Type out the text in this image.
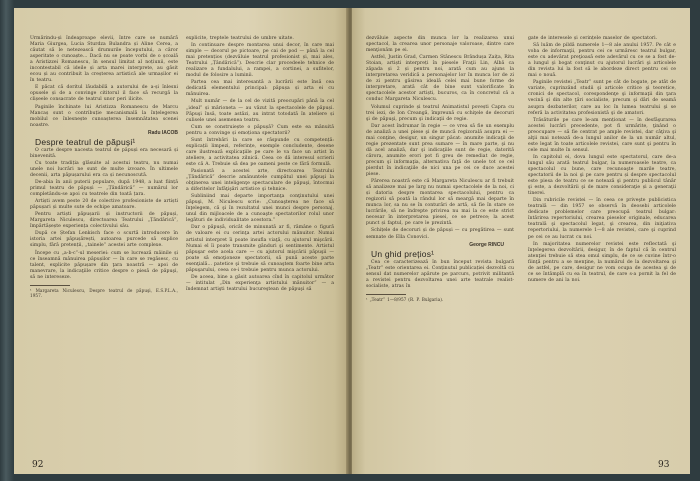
Urmărindu-și îndeaproape elevii, între care se numără Maria Giurgea, Lucia Sturdza Bulandra și Aline Cerea, a căutat să le netezească drumurile începutului, a căror asperitate o cunoaște... Dacă nu se poate vorbi de o școală a Aristizzei Romanescu, în sensul limitat al noțiunii, este incontestabil că ideile și arta marei interprete, au găsit ecou și au contribuit la creșterea artistică ale urmașilor ei în teatru.

E păcat că doritul lăudabilă a autorului de a-și înlesni opusele și de a convinge cititorul il face să recurgă la clișeele consacrate de teatrul unor peri ilicite.

Paginile închinate lui Aristizza Romanescu de Marcu Mancaș sunt o contribuție mecanismală la înțelegerea mobilul ce înlesnește cunoașterea însemnătatea scenei noastre.

Radu IACOB

Despre teatrul de păpuși¹

O carte despre nacesta teatrul de păpuși era necesară și binevenită.

Cu toate tradiția glăsuite al acestui teatru, nu numai unele noi lucrări ne sunt de multe izvoare. În ultimele decenii, arta păpușarului era ca și necunoscută.

De-abia în anii puterii populare, după 1948, a luat ființă primul teatru de păpuși — „Țăndărică” — numărul lor completându-se apoi cu teatrele din toată țara.

Artiști avem peste 20 de colective profesioniste de artiști păpușari și multe sute de echipe amatoare.

Pentru artiști păpușarii și instructorii de păpuși, Margareta Niculescu, directoarea Teatrului „Țăndărică”, împărtășește experiența colectivului său.

După ce Ștefan Lenkisch face o scurtă introducere în istoria artei păpușărești, autoarea purcede să explice simplu, fără pretenții, „tainele” acestei arte complexe.

Începe cu „a-b-c”-ul meseriei: cum se lucrează mâinile și ce înseamnă mânuirea păpușilor — în care se regăsesc, cu talent, explicite păpușare din ţara noastră — apoi de manevrare, la indicaţiile critice despre o piesă de păpuşi, să ne intereseze.

¹ Margareta Niculescu, Despre teatrul de păpuşi, E.S.P.L.A., 1957.

explicite, treptele teatrului de umbre uitate.

In continuare despre montarea unui decor, în care mai simple — decorul pe pictoare, pe cai de pod — până la cel mai pretențios (dezvăluie teatrul profesionist și, mai ales, Teatrului „Țăndărică”). Descrie clar procedeele tehnice de realizare a fundalului, a rampei, a cortinei, a sufitelor, modul de folosire a luminii.

Partea cea mai interesantă a lucrării este însă cea dedicată elementului principal: păpușa și arta ei cu mânuirea.

Mult număr — de la cel de vizită preocupări până la cel „ideal” și mărioneta — au văzut la spectacolele de păpuși. Păpuşi însă, toate astăzi, au intrat totodată în ateliere și culisele unei asemenea teatru.

Cum se construiește o păpușă? Cum este ea mânuită pentru a convinge și emoționa spectatorii?

Sunt întrebări la care se răspunde cu competență: explicații limpezi, referințe, exemple concludente, desene care ilustrează explicaţiile pe care le va face un artist în ateliere, a activitatea zilnică. Ceea ce dă interesul scrierii este că A. Trebuie să dea pe oameni peste ce fără formulă.

Pasionată a acestei arte, directoarea Teatrului „Țăndărică” descrie amănuntele cumpătul unei păpuşi la obţinerea unei inteligenţe spectaculare de păpuşi, întocmai a diferitelor înfăţişări artistice şi tehnice.

Subliniind mai departe importanţa conţinutului unei păpuşi, M. Niculescu scrie: „Cunoaşterea ne face să înţelegem, că şi în rezultatul unei munci despre personaj, unul din mijloacele de a cunoaşte spectatorilor rolul unor legături de individualitate acestora.”

Dar o păpușă, oricât de minunată ar fi, rămâne o figură de valoare ei cu cerinţa artei actorului mânuitor. Numai artistul interpret îi poate insufla viaţă, cu ajutorul mişcării. Numai el îi poate transmite gânduri şi sentimente. Artistul păpuşar este acela care — cu ajutorul mişcării păpuşii — poate să emoţioneze spectatorii, să pună aceste parte esenţială... patetice şi trebuie să cunoaştem foarte bine arta păpuşarului, ceea ce-i trebuie pentru munca actorului.

De aceea, bine a găsit autoarea cînd în capitolul următor — intitulat „Din experienţa artistului mânuitor” — a îndemnat artişti teatrului bucureştean de păpuşi să

92

dezvăluie aspecte din munca lor la realizarea unui spectacol, la crearea unor personaje valoroase, dintre care menţionăm pe ei.

Astfel, Justin Grad, Carmen Stănescu Brândușa Zaița, Rita Stoian, artiști interpreți în piesele Fraţii Lin, Albă ca zăpada și 2 și pentru noi, arată cum au ajuns la interpretarea veridică a personajelor lor în munca lor de zi de zi pentru găsirea ideală celei mai bune forme de interpretare, arată cât de bine sunt valorificate în spectacolele acestor artiști, bucuros, ca în concretul că a conduc Margareta Niculescu.

Volumul cuprinde și teatrul Animatistul povești Capra cu trei iezi, de Ion Creangă, împreună cu schiţele de decoruri şi de păpuşi, precum şi indicaţii de regie.

Dar acest îndrumar în regie — ce vrea să fie un exemplu de analiză a unei piese şi de muncă regizorală asupra ei — mai conţine, desigur, un singur păcat: anumite indicaţii de regie prezentate sunt prea sumare — în mare parte, şi nu dă acel analiză, dar şi indicaţiile sunt de regie, datorită cărora, anumite erori pot fi greu de remediat de regie, precum şi informaţia, alternativa faţă de unele tot ce cel pierdut în indicaţiile de nici una pe cei ce duce acestei piese.

Părerea noastră este că Margareta Niculescu ar fi trebuit să analizeze mai pe larg nu numai spectacolele de la noi, ci și datoria despre montarea spectacolului, pentru ca regizorii să poată la rândul lor să meargă mai departe în munca lor, sa nu se în conturări de artă, să fie în stare ce lucrările, să ne îndrepte privirea nu mai la ce este strict necesar în interpretarea piesei, ce se petrece; la acest punct și faptul, pe care le prezintă.

Schițele de decoruri și de păpuși — cu pregătirea — sunt semnate de Ella Conovici.

George RINCU

Un ghid prețios¹

Cea ce caracterizează în bun început revista bulgară „Teatr” este orientarea ei. Conținutul publicației dezvoltă cu sensul dat numerelor apărute pe parcurs, potrivit militantă a revistei pentru dezvoltarea unei arte teatrale realist-socialiste, atras în

¹ „Teatr” 1—8/957 (R. P. Bulgaria).

gate de interesele și cerințele maselor de spectatori.

Să luăm de pildă numerele 1—8 ale anului 1957. Pe cât e voba de informaţii, pentru cei ce urmăresc teatrul bulgar, este cu adevărat preţioasă este adevărul cu ce se a fost de-a lungul şi bogat conţinut cu ajutorul lucrări şi articolele din revista lui la fost să le abordeze direct pentru cei ce mai o nouă.

Paginile revistei „Teatr” sunt pe cât de bogate, pe atât de variate, cuprinzând studii şi articole critice şi teoretice, cronici de spectacol, corespondenţe şi informaţii din ţara vecină şi din alte ţări socialiste, precum şi dări de seamă asupra dezbaterilor, care au loc în lumea teatrului şi se referă la activitatea profesionistă şi de amatori.

Trăsăturile pe care le-am menționat — în desfăşurarea acestei lucrări precedente, pot fi urmărite, ţinând o preocupare — să fie centrat pe ample revistei, dar câţiva şi alţii mai notează de-a lungul anilor de la un număr altul, este legat în toate articolele revistei, care sunt şi pentru în cele mai multe în sensul.

In capitolul ei, dova lungul este spectatorul, care de-a lungul său arată teatrul bulgar, la numeroasele teatre, ca spectacolul cu bune, care recunoaşte marile teatre, spectatorii de la noi şi pe care pentru și despre spectacolul este piesa de teatru ce se notează şi pentru publicul tânăr şi este, a dezvoltării şi de mare consideraţie și a generaţii tinerei.

Din rubricile revistei — în ceea ce priveşte publicistica teatrală — din 1957 se observă în deosebi articolele dedicate problemelor care preocupă teatrul bulgar: întărirea repertoriului, crearea pieselor originale, educarea teatrală şi spectacolul legat, şi crearea, din iniţiativa repertoriului, la numerele 1—8 ale revistei, care şi cuprind pe cei ce au lucrat cu noi.

In majoritatea numerelor revistei este reflectată şi înţelegerea dezvoltării, desigur, în de faptul că în centrul atenţiei trebuie să stea omul simplu, de ce se cuvine într-o fiinţă pentru a se menţine, la numărul de la dezvoltarea şi de astfel, pe care, desigur ne vom ocupa de acestea şi de ce se întâmplă cu ea în teatrul, de care s-a pornit la fel de numere de ani la noi.

93
